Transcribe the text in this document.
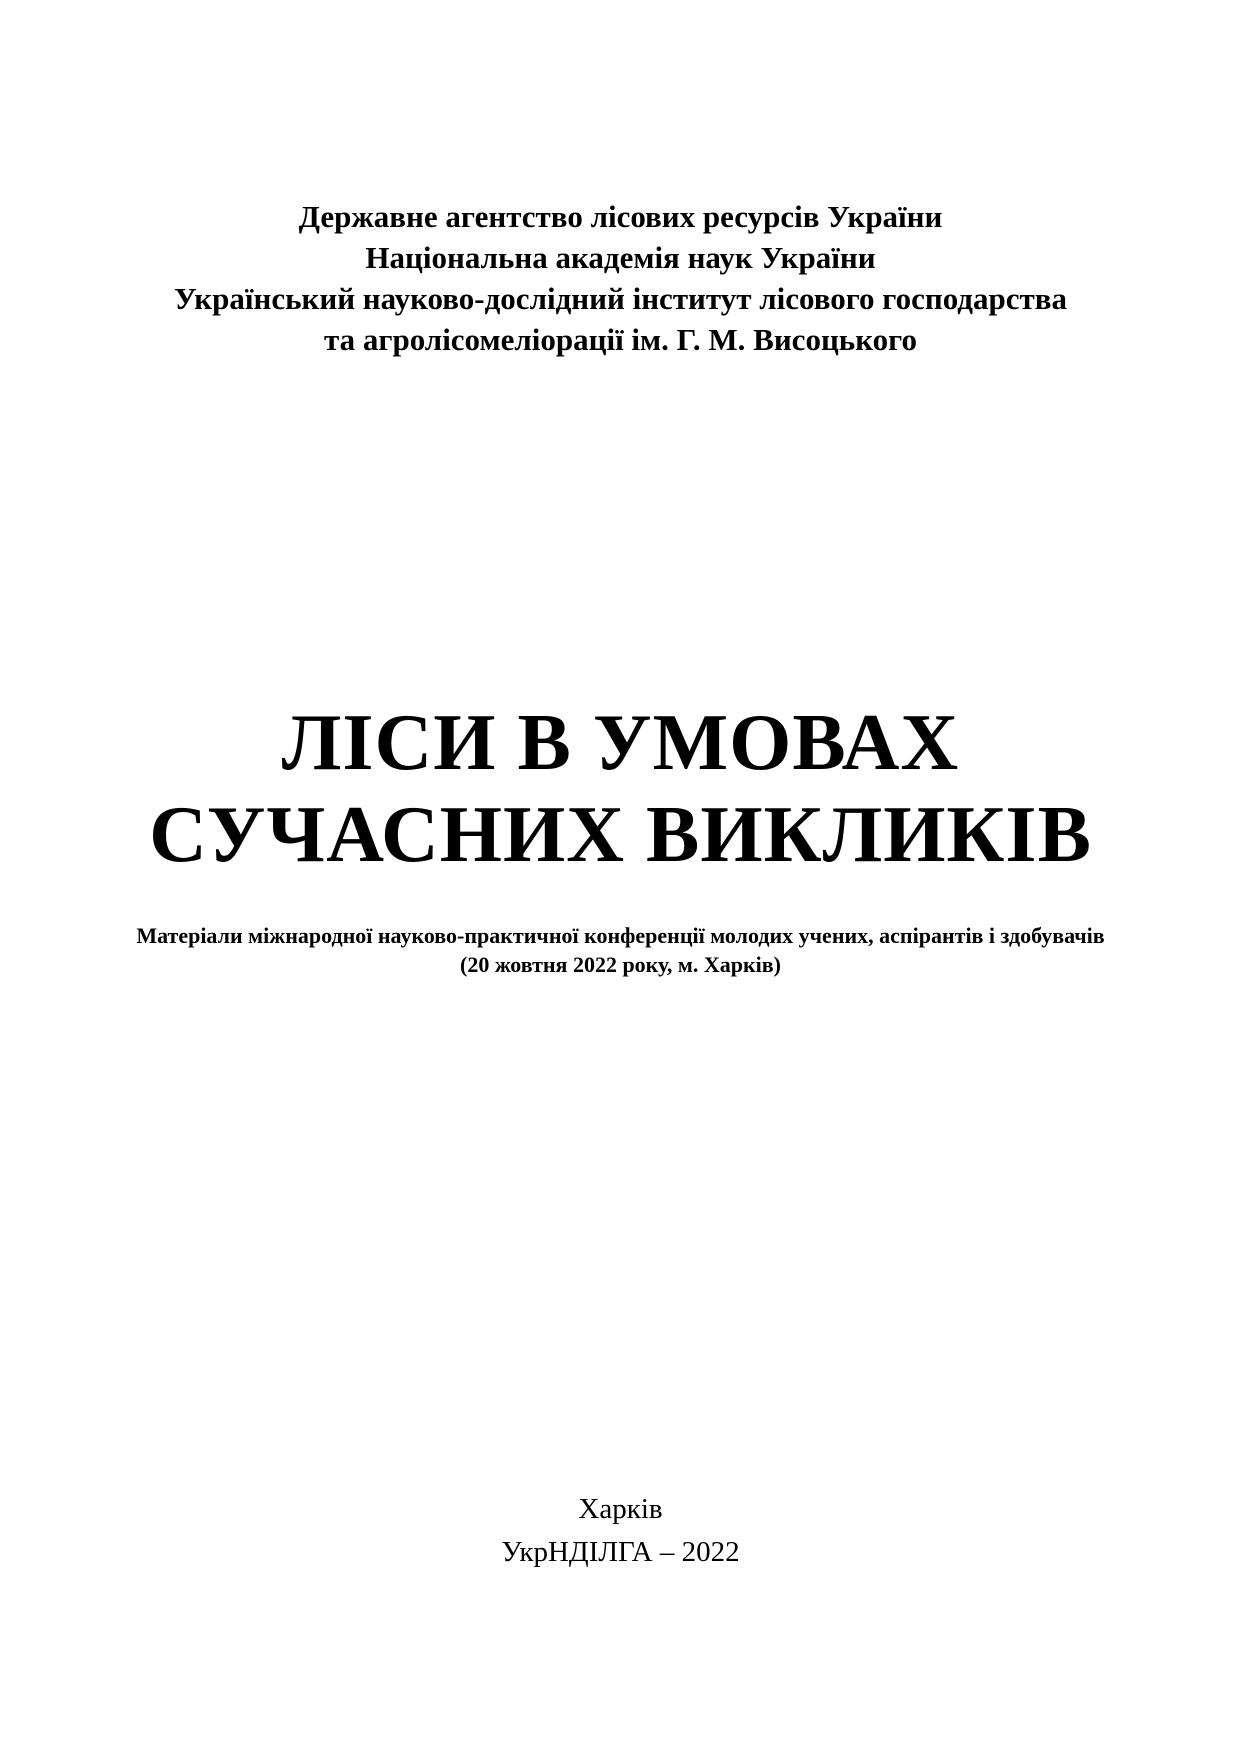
Державне агентство лісових ресурсів України
Національна академія наук України
Український науково-дослідний інститут лісового господарства
та агролісомеліорації ім. Г. М. Висоцького
ЛІСИ В УМОВАХ
СУЧАСНИХ ВИКЛИКІВ
Матеріали міжнародної науково-практичної конференції молодих учених, аспірантів і здобувачів
(20 жовтня 2022 року, м. Харків)
Харків
УкрНДІЛГА – 2022
